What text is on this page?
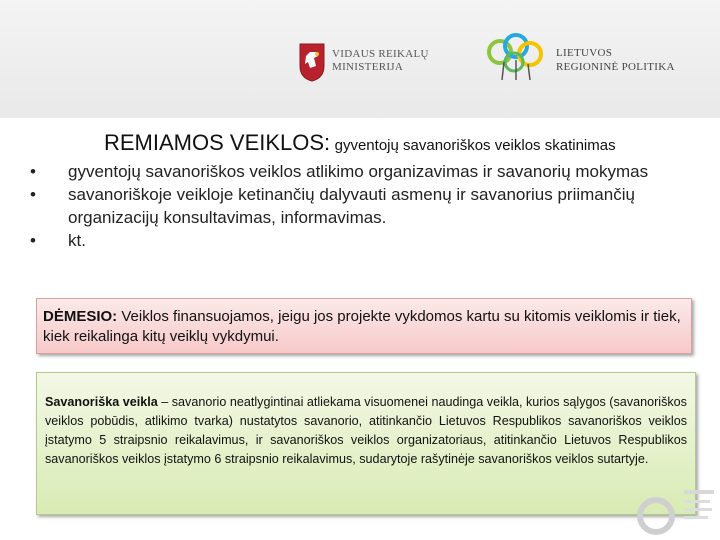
VIDAUS REIKALŲ
MINISTERIJA
LIETUVOS
REGIONINĖ POLITIKA
REMIAMOS VEIKLOS: gyventojų savanoriškos veiklos skatinimas
• gyventojų savanoriškos veiklos atlikimo organizavimas ir savanorių mokymas
• savanoriškoje veikloje ketinančių dalyvauti asmenų ir savanorius priimančių organizacijų konsultavimas, informavimas.
• kt.
DĖMESIO: Veiklos finansuojamos, jeigu jos projekte vykdomos kartu su kitomis veiklomis ir tiek, kiek reikalinga kitų veiklų vykdymui.
Savanoriška veikla – savanorio neatlygintinai atliekama visuomenei naudinga veikla, kurios sąlygos (savanoriškos veiklos pobūdis, atlikimo tvarka) nustatytos savanorio, atitinkančio Lietuvos Respublikos savanoriškos veiklos įstatymo 5 straipsnio reikalavimus, ir savanoriškos veiklos organizatoriaus, atitinkančio Lietuvos Respublikos savanoriškos veiklos įstatymo 6 straipsnio reikalavimus, sudarytoje rašytinėje savanoriškos veiklos sutartyje.
